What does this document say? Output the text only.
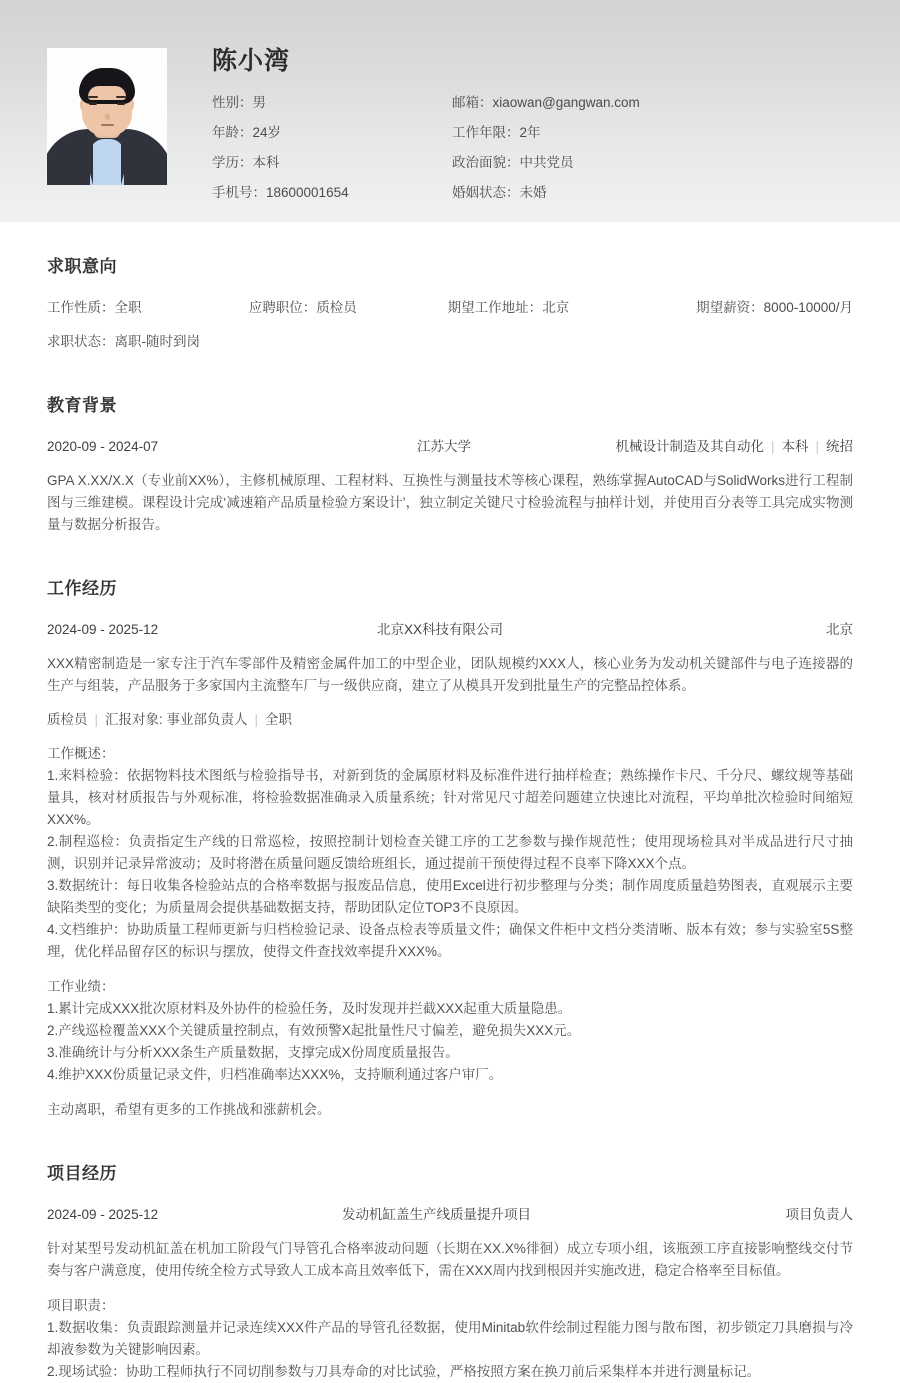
陈小湾
性别：男	邮箱：xiaowan@gangwan.com
年龄：24岁	工作年限：2年
学历：本科	政治面貌：中共党员
手机号：18600001654	婚姻状态：未婚
求职意向
工作性质：全职	应聘职位：质检员	期望工作地址：北京	期望薪资：8000-10000/月
求职状态：离职-随时到岗
教育背景
2020-09 - 2024-07	江苏大学	机械设计制造及其自动化 | 本科 | 统招
GPA X.XX/X.X（专业前XX%），主修机械原理、工程材料、互换性与测量技术等核心课程，熟练掌握AutoCAD与SolidWorks进行工程制图与三维建模。课程设计完成‘减速箱产品质量检验方案设计’，独立制定关键尺寸检验流程与抽样计划，并使用百分表等工具完成实物测量与数据分析报告。
工作经历
2024-09 - 2025-12	北京XX科技有限公司	北京
XXX精密制造是一家专注于汽车零部件及精密金属件加工的中型企业，团队规模约XXX人，核心业务为发动机关键部件与电子连接器的生产与组装，产品服务于多家国内主流整车厂与一级供应商，建立了从模具开发到批量生产的完整品控体系。
质检员 | 汇报对象: 事业部负责人 | 全职
工作概述：
1.来料检验：依据物料技术图纸与检验指导书，对新到货的金属原材料及标准件进行抽样检查；熟练操作卡尺、千分尺、螺纹规等基础量具，核对材质报告与外观标准，将检验数据准确录入质量系统；针对常见尺寸超差问题建立快速比对流程，平均单批次检验时间缩短XXX%。
2.制程巡检：负责指定生产线的日常巡检，按照控制计划检查关键工序的工艺参数与操作规范性；使用现场检具对半成品进行尺寸抽测，识别并记录异常波动；及时将潜在质量问题反馈给班组长，通过提前干预使得过程不良率下降XXX个点。
3.数据统计：每日收集各检验站点的合格率数据与报废品信息，使用Excel进行初步整理与分类；制作周度质量趋势图表，直观展示主要缺陷类型的变化；为质量周会提供基础数据支持，帮助团队定位TOP3不良原因。
4.文档维护：协助质量工程师更新与归档检验记录、设备点检表等质量文件；确保文件柜中文档分类清晰、版本有效；参与实验室5S整理，优化样品留存区的标识与摆放，使得文件查找效率提升XXX%。
工作业绩：
1.累计完成XXX批次原材料及外协件的检验任务，及时发现并拦截XXX起重大质量隐患。
2.产线巡检覆盖XXX个关键质量控制点，有效预警X起批量性尺寸偏差，避免损失XXX元。
3.准确统计与分析XXX条生产质量数据，支撑完成X份周度质量报告。
4.维护XXX份质量记录文件，归档准确率达XXX%，支持顺利通过客户审厂。
主动离职，希望有更多的工作挑战和涨薪机会。
项目经历
2024-09 - 2025-12	发动机缸盖生产线质量提升项目	项目负责人
针对某型号发动机缸盖在机加工阶段气门导管孔合格率波动问题（长期在XX.X%徘徊）成立专项小组，该瓶颈工序直接影响整线交付节奏与客户满意度，使用传统全检方式导致人工成本高且效率低下，需在XXX周内找到根因并实施改进，稳定合格率至目标值。
项目职责：
1.数据收集：负责跟踪测量并记录连续XXX件产品的导管孔径数据，使用Minitab软件绘制过程能力图与散布图，初步锁定刀具磨损与冷却液参数为关键影响因素。
2.现场试验：协助工程师执行不同切削参数与刀具寿命的对比试验，严格按照方案在换刀前后采集样本并进行测量标记。
